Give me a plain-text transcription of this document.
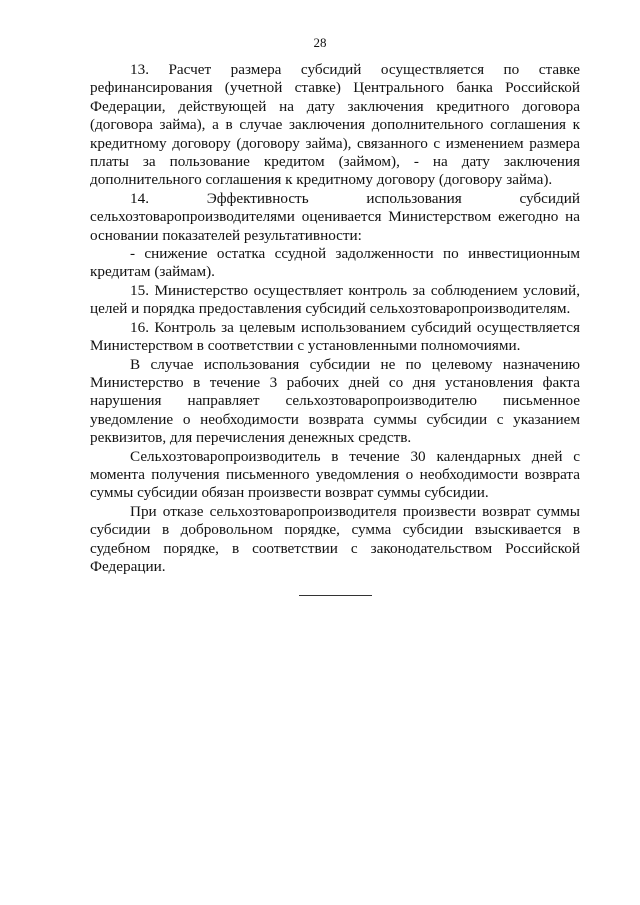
28

13. Расчет размера субсидий осуществляется по ставке рефинансирования (учетной ставке) Центрального банка Российской Федерации, действующей на дату заключения кредитного договора (договора займа), а в случае заключения дополнительного соглашения к кредитному договору (договору займа), связанного с изменением размера платы за пользование кредитом (займом), - на дату заключения дополнительного соглашения к кредитному договору (договору займа).

14. Эффективность использования субсидий сельхозтоваропроизводителями оценивается Министерством ежегодно на основании показателей результативности:

- снижение остатка ссудной задолженности по инвестиционным кредитам (займам).

15. Министерство осуществляет контроль за соблюдением условий, целей и порядка предоставления субсидий сельхозтоваропроизводителям.

16. Контроль за целевым использованием субсидий осуществляется Министерством в соответствии с установленными полномочиями.

В случае использования субсидии не по целевому назначению Министерство в течение 3 рабочих дней со дня установления факта нарушения направляет сельхозтоваропроизводителю письменное уведомление о необходимости возврата суммы субсидии с указанием реквизитов, для перечисления денежных средств.

Сельхозтоваропроизводитель в течение 30 календарных дней с момента получения письменного уведомления о необходимости возврата суммы субсидии обязан произвести возврат суммы субсидии.

При отказе сельхозтоваропроизводителя произвести возврат суммы субсидии в добровольном порядке, сумма субсидии взыскивается в судебном порядке, в соответствии с законодательством Российской Федерации.
